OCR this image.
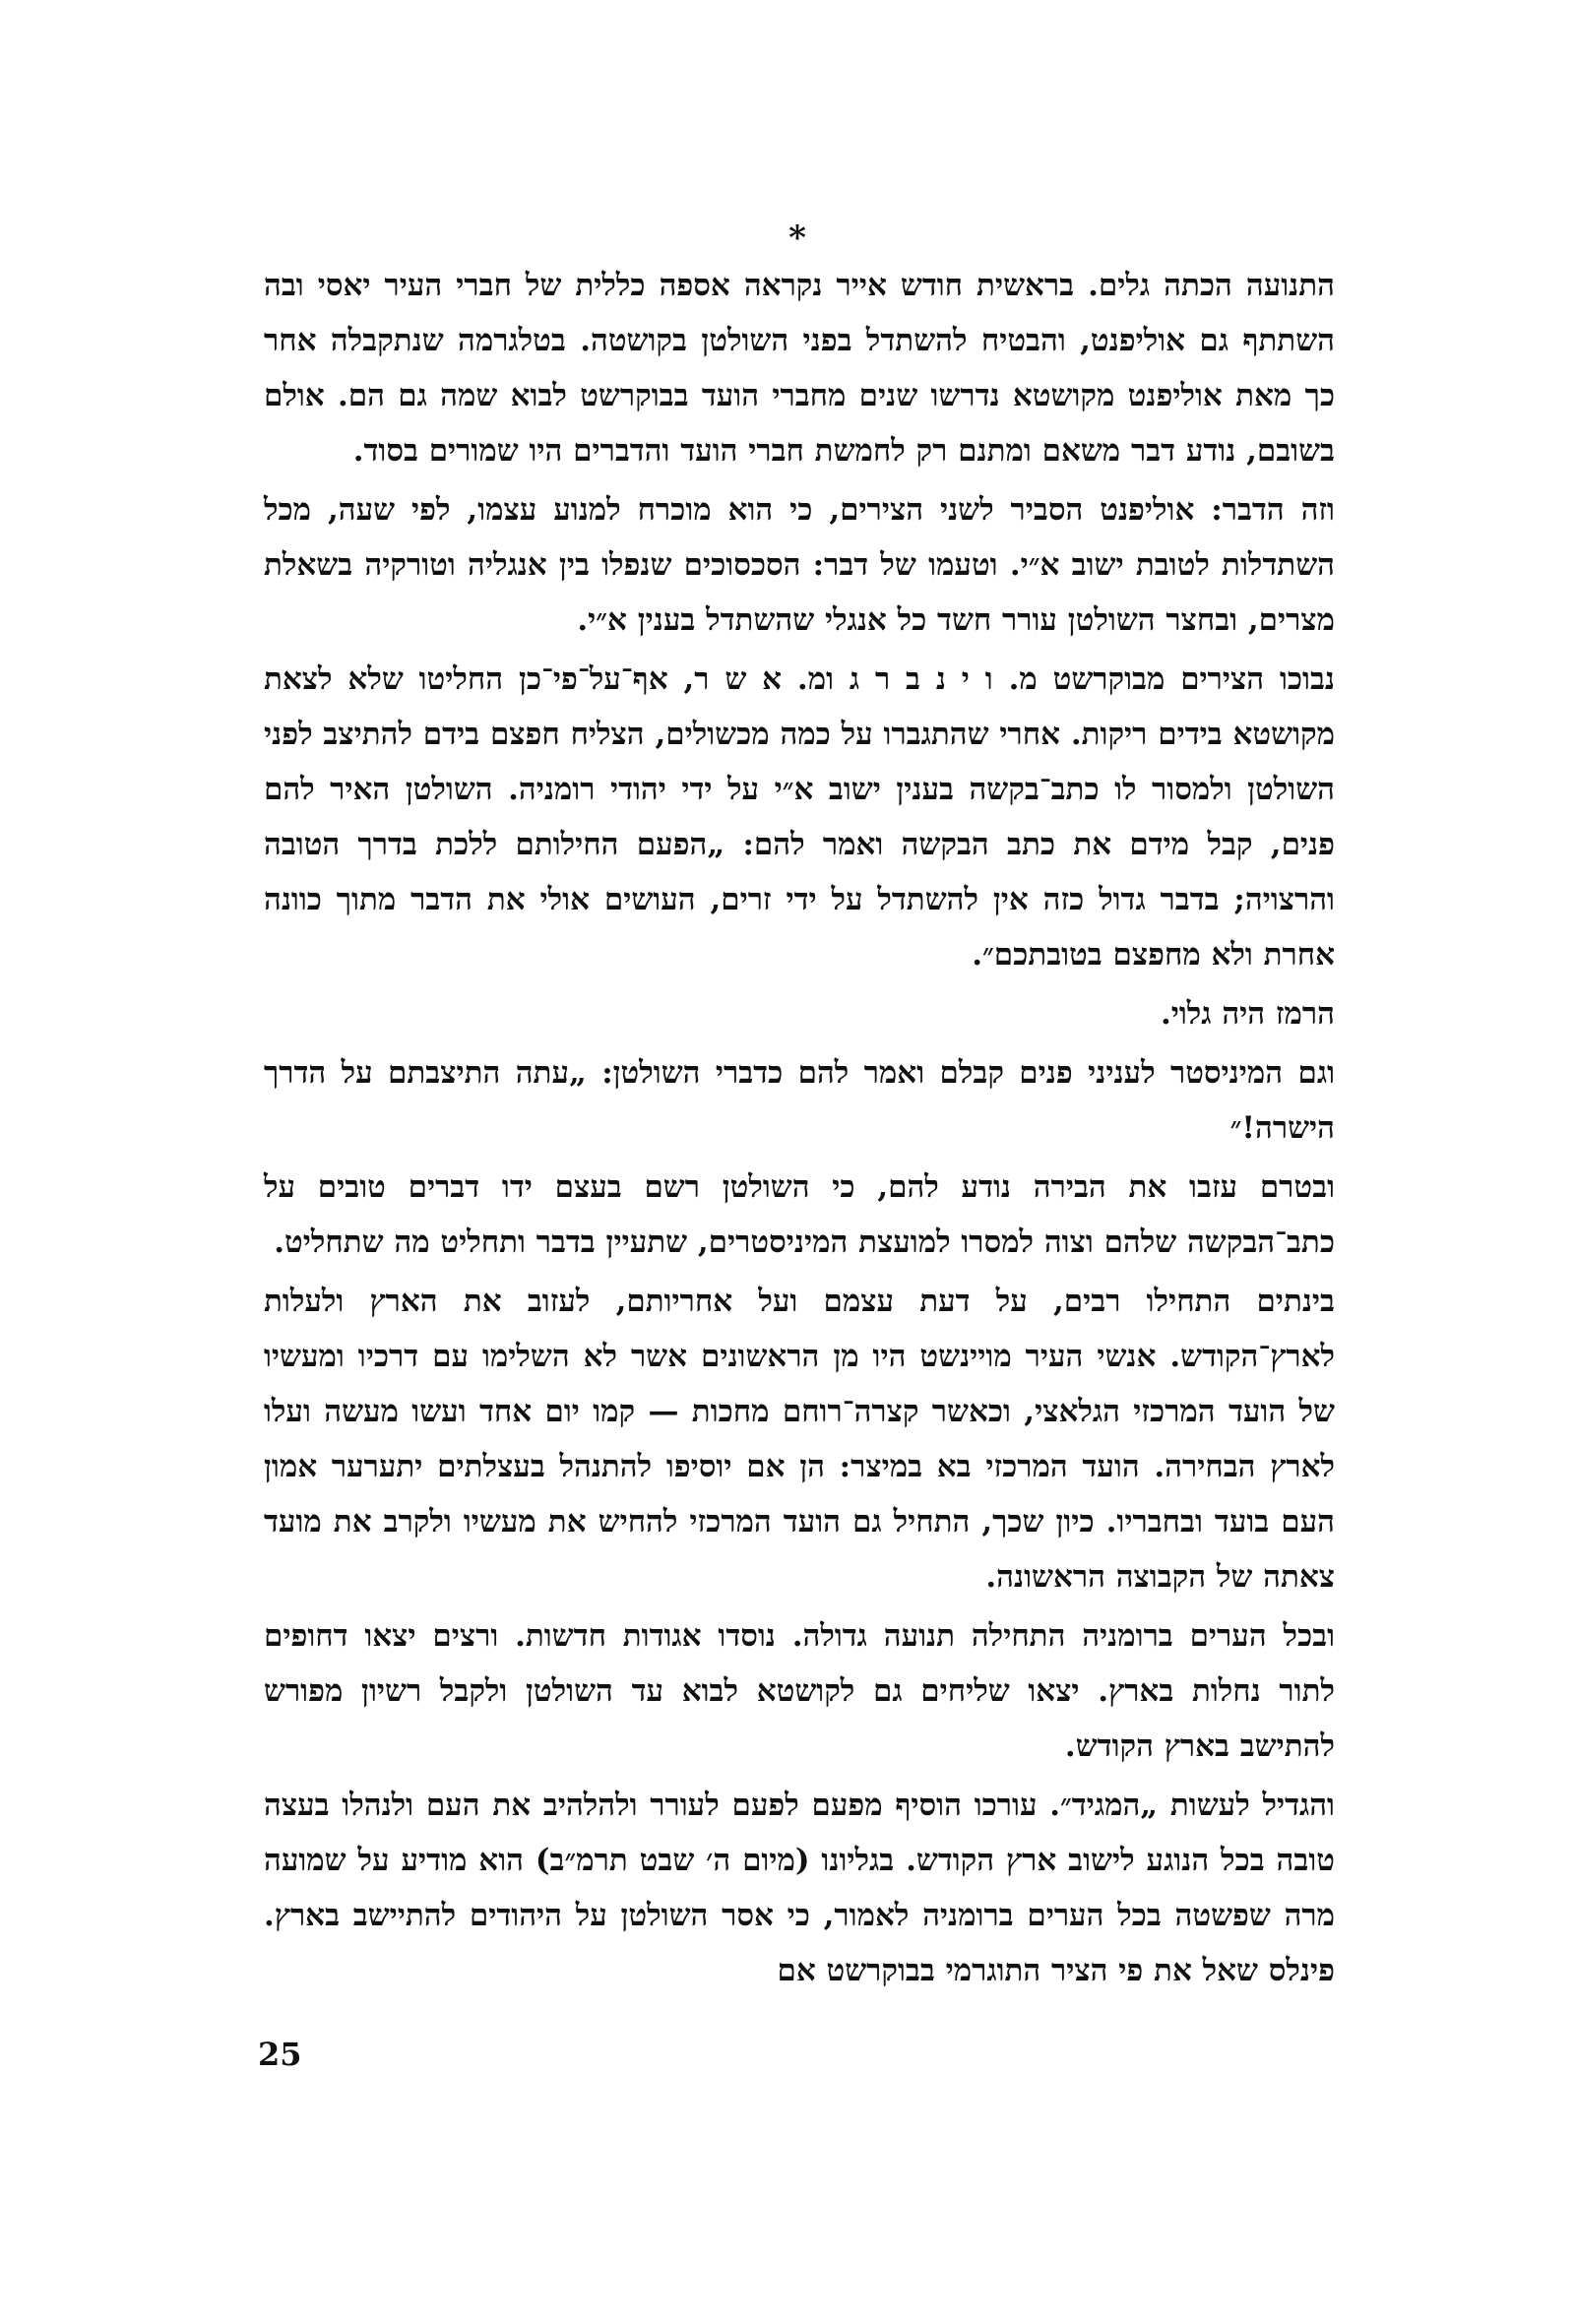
*

התנועה הכתה גלים. בראשית חודש אייר נקראה אספה כללית של חברי העיר יאסי ובה השתתף גם אוליפנט, והבטיח להשתדל בפני השולטן בקושטה. בטלגרמה שנתקבלה אחר כך מאת אוליפנט מקושטא נדרשו שנים מחברי הועד בבוקרשט לבוא שמה גם הם. אולם בשובם, נודע דבר משאם ומתנם רק לחמשת חברי הועד והדברים היו שמורים בסוד.

וזה הדבר: אוליפנט הסביר לשני הצירים, כי הוא מוכרח למנוע עצמו, לפי שעה, מכל השתדלות לטובת ישוב א״י. וטעמו של דבר: הסכסוכים שנפלו בין אנגליה וטורקיה בשאלת מצרים, ובחצר השולטן עורר חשד כל אנגלי שהשתדל בענין א״י.

נבוכו הצירים מבוקרשט מ. ו י נ ב ר ג ומ. א ש ר, אף־על־פי־כן החליטו שלא לצאת מקושטא בידים ריקות. אחרי שהתגברו על כמה מכשולים, הצליח חפצם בידם להתיצב לפני השולטן ולמסור לו כתב־בקשה בענין ישוב א״י על ידי יהודי רומניה. השולטן האיר להם פנים, קבל מידם את כתב הבקשה ואמר להם: „הפעם החילותם ללכת בדרך הטובה והרצויה; בדבר גדול כזה אין להשתדל על ידי זרים, העושים אולי את הדבר מתוך כוונה אחרת ולא מחפצם בטובתכם״.

הרמז היה גלוי.

וגם המיניסטר לעניני פנים קבלם ואמר להם כדברי השולטן: „עתה התיצבתם על הדרך הישרה!״

ובטרם עזבו את הבירה נודע להם, כי השולטן רשם בעצם ידו דברים טובים על כתב־הבקשה שלהם וצוה למסרו למועצת המיניסטרים, שתעיין בדבר ותחליט מה שתחליט.

בינתים התחילו רבים, על דעת עצמם ועל אחריותם, לעזוב את הארץ ולעלות לארץ־הקודש. אנשי העיר מויינשט היו מן הראשונים אשר לא השלימו עם דרכיו ומעשיו של הועד המרכזי הגלאצי, וכאשר קצרה־רוחם מחכות — קמו יום אחד ועשו מעשה ועלו לארץ הבחירה. הועד המרכזי בא במיצר: הן אם יוסיפו להתנהל בעצלתים יתערער אמון העם בועד ובחבריו. כיון שכך, התחיל גם הועד המרכזי להחיש את מעשיו ולקרב את מועד צאתה של הקבוצה הראשונה.

ובכל הערים ברומניה התחילה תנועה גדולה. נוסדו אגודות חדשות. ורצים יצאו דחופים לתור נחלות בארץ. יצאו שליחים גם לקושטא לבוא עד השולטן ולקבל רשיון מפורש להתישב בארץ הקודש.

והגדיל לעשות „המגיד״. עורכו הוסיף מפעם לפעם לעורר ולהלהיב את העם ולנהלו בעצה טובה בכל הנוגע לישוב ארץ הקודש. בגליונו (מיום ה׳ שבט תרמ״ב) הוא מודיע על שמועה מרה שפשטה בכל הערים ברומניה לאמור, כי אסר השולטן על היהודים להתיישב בארץ. פינלס שאל את פי הציר התוגרמי בבוקרשט אם

25
